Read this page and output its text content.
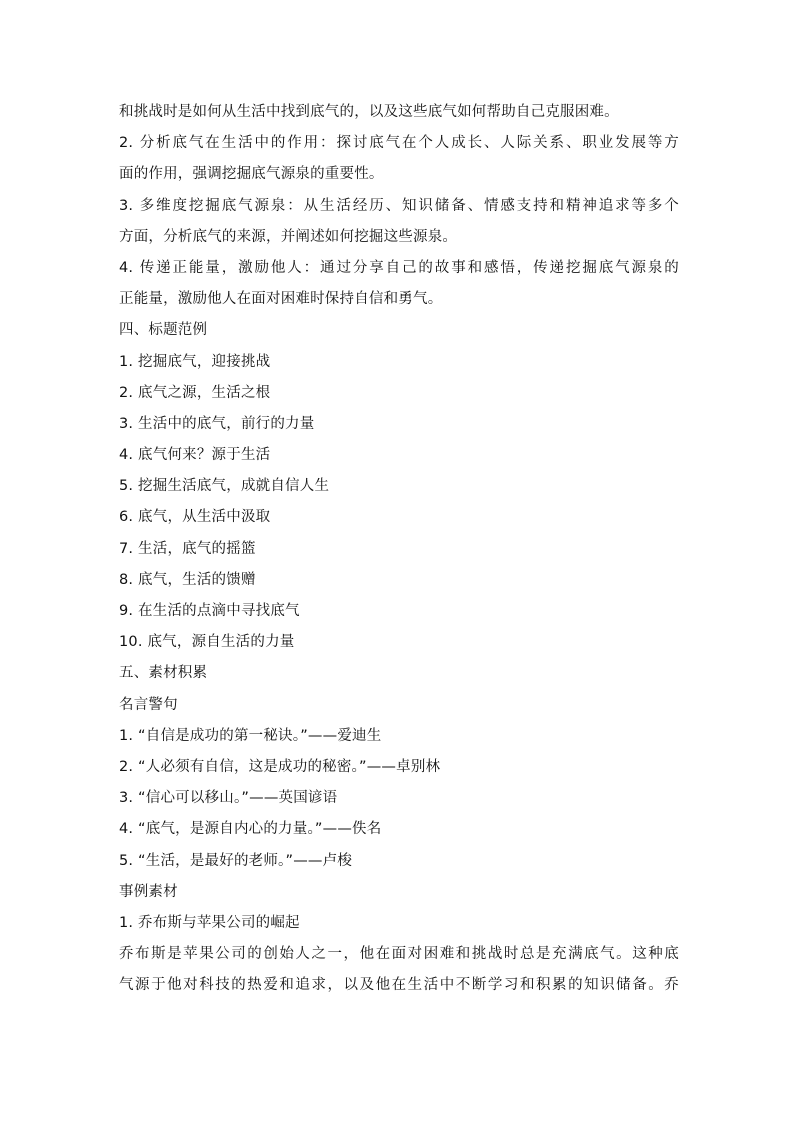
和挑战时是如何从生活中找到底气的，以及这些底气如何帮助自己克服困难。
2. 分析底气在生活中的作用：探讨底气在个人成长、人际关系、职业发展等方
面的作用，强调挖掘底气源泉的重要性。
3. 多维度挖掘底气源泉：从生活经历、知识储备、情感支持和精神追求等多个
方面，分析底气的来源，并阐述如何挖掘这些源泉。
4. 传递正能量，激励他人：通过分享自己的故事和感悟，传递挖掘底气源泉的
正能量，激励他人在面对困难时保持自信和勇气。
四、标题范例
1. 挖掘底气，迎接挑战
2. 底气之源，生活之根
3. 生活中的底气，前行的力量
4. 底气何来？源于生活
5. 挖掘生活底气，成就自信人生
6. 底气，从生活中汲取
7. 生活，底气的摇篮
8. 底气，生活的馈赠
9. 在生活的点滴中寻找底气
10. 底气，源自生活的力量
五、素材积累
名言警句
1. “自信是成功的第一秘诀。”——爱迪生
2. “人必须有自信，这是成功的秘密。”——卓别林
3. “信心可以移山。”——英国谚语
4. “底气，是源自内心的力量。”——佚名
5. “生活，是最好的老师。”——卢梭
事例素材
1. 乔布斯与苹果公司的崛起
乔布斯是苹果公司的创始人之一，他在面对困难和挑战时总是充满底气。这种底
气源于他对科技的热爱和追求，以及他在生活中不断学习和积累的知识储备。乔
